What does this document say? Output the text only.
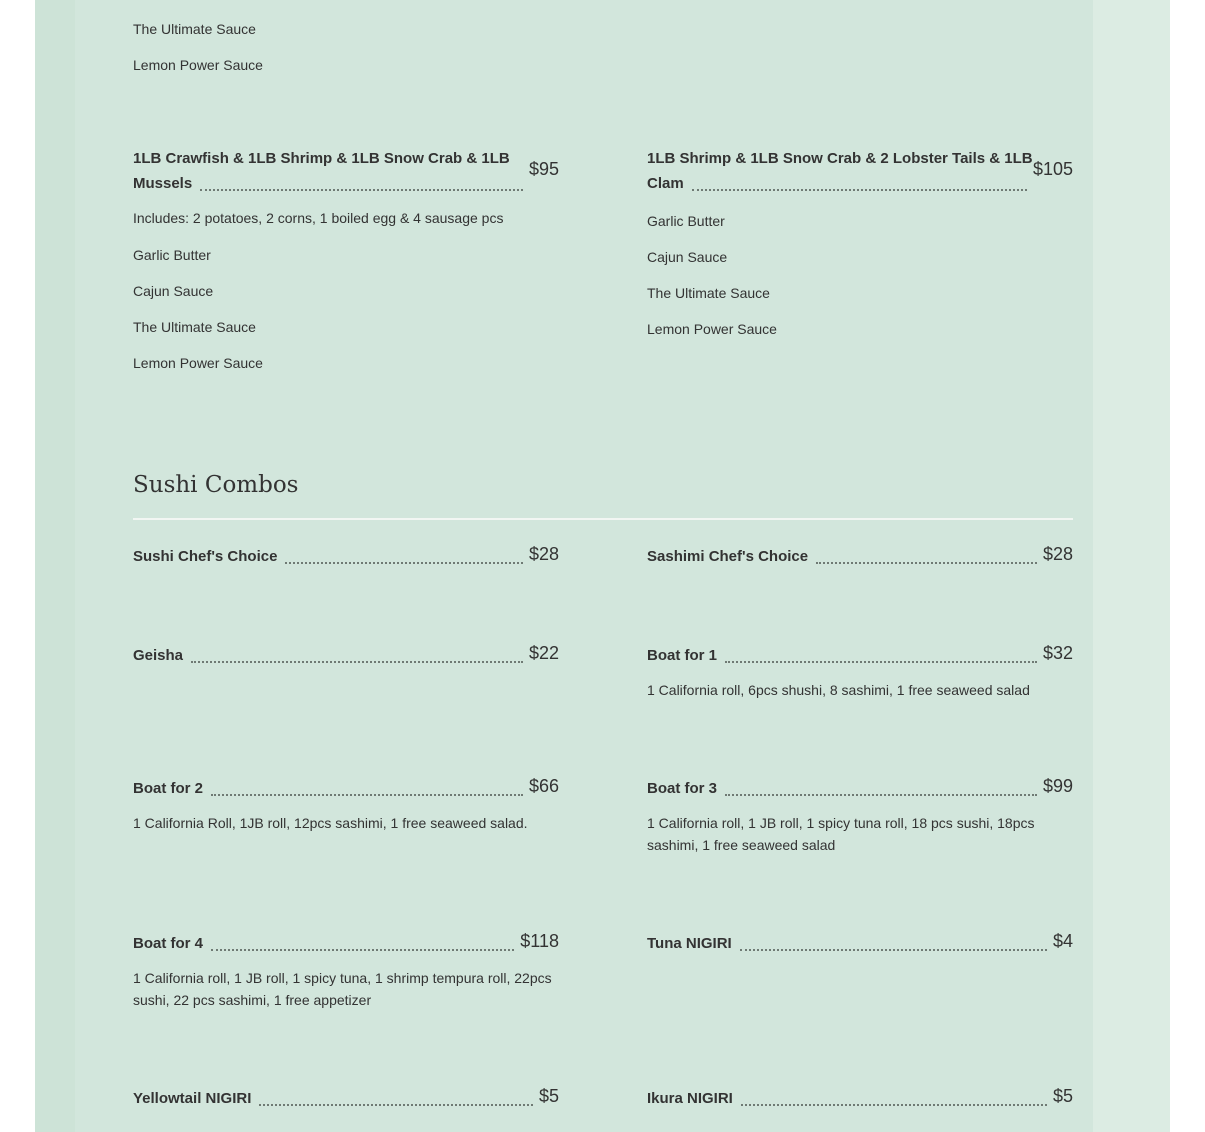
The Ultimate Sauce
Lemon Power Sauce
1LB Crawfish & 1LB Shrimp & 1LB Snow Crab & 1LB
Mussels
$95
Includes: 2 potatoes, 2 corns, 1 boiled egg & 4 sausage pcs
Garlic Butter
Cajun Sauce
The Ultimate Sauce
Lemon Power Sauce
1LB Shrimp & 1LB Snow Crab & 2 Lobster Tails & 1LB
Clam
$105
Garlic Butter
Cajun Sauce
The Ultimate Sauce
Lemon Power Sauce
Sushi Combos
Sushi Chef's Choice	$28	Sashimi Chef's Choice	$28
Geisha	$22	Boat for 1	$32
1 California roll, 6pcs shushi, 8 sashimi, 1 free seaweed salad
Boat for 2	$66
1 California Roll, 1JB roll, 12pcs sashimi, 1 free seaweed salad.
Boat for 3	$99
1 California roll, 1 JB roll, 1 spicy tuna roll, 18 pcs sushi, 18pcs sashimi, 1 free seaweed salad
Boat for 4	$118
1 California roll, 1 JB roll, 1 spicy tuna, 1 shrimp tempura roll, 22pcs sushi, 22 pcs sashimi, 1 free appetizer
Tuna NIGIRI	$4
Yellowtail NIGIRI	$5	Ikura NIGIRI	$5
